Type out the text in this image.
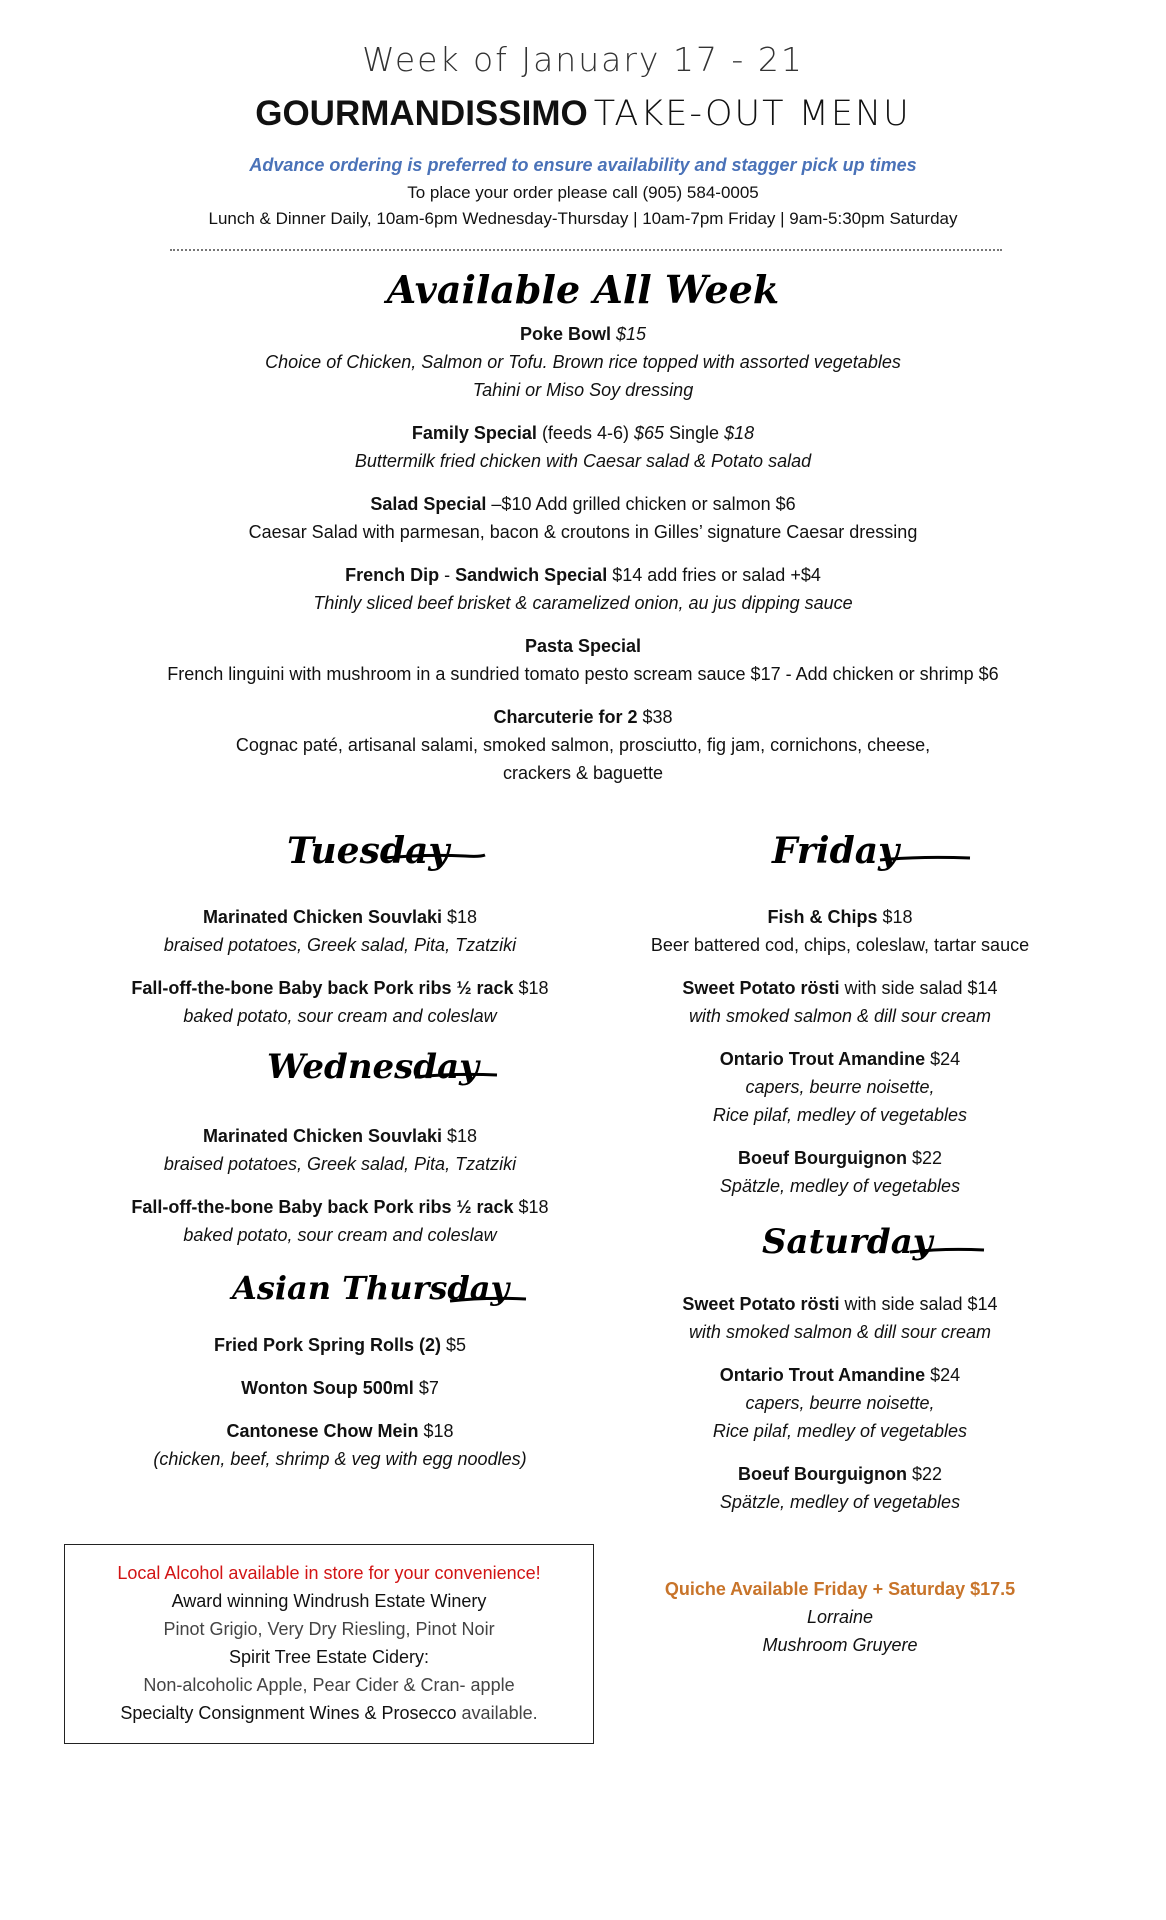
Week of January 17 - 21
GOURMANDISSIMO TAKE-OUT MENU
Advance ordering is preferred to ensure availability and stagger pick up times
To place your order please call (905) 584-0005
Lunch & Dinner Daily, 10am-6pm Wednesday-Thursday | 10am-7pm Friday | 9am-5:30pm Saturday
Available All Week
Poke Bowl $15
Choice of Chicken, Salmon or Tofu. Brown rice topped with assorted vegetables
Tahini or Miso Soy dressing
Family Special (feeds 4-6) $65 Single $18
Buttermilk fried chicken with Caesar salad & Potato salad
Salad Special –$10 Add grilled chicken or salmon $6
Caesar Salad with parmesan, bacon & croutons in Gilles’ signature Caesar dressing
French Dip - Sandwich Special $14 add fries or salad +$4
Thinly sliced beef brisket & caramelized onion, au jus dipping sauce
Pasta Special
French linguini with mushroom in a sundried tomato pesto scream sauce $17 - Add chicken or shrimp $6
Charcuterie for 2 $38
Cognac paté, artisanal salami, smoked salmon, prosciutto, fig jam, cornichons, cheese,
crackers & baguette
Tuesday
Marinated Chicken Souvlaki $18
braised potatoes, Greek salad, Pita, Tzatziki
Fall-off-the-bone Baby back Pork ribs ½ rack $18
baked potato, sour cream and coleslaw
Wednesday
Marinated Chicken Souvlaki $18
braised potatoes, Greek salad, Pita, Tzatziki
Fall-off-the-bone Baby back Pork ribs ½ rack $18
baked potato, sour cream and coleslaw
Asian Thursday
Fried Pork Spring Rolls (2) $5
Wonton Soup 500ml $7
Cantonese Chow Mein $18
(chicken, beef, shrimp & veg with egg noodles)
Friday
Fish & Chips $18
Beer battered cod, chips, coleslaw, tartar sauce
Sweet Potato rösti with side salad $14
with smoked salmon & dill sour cream
Ontario Trout Amandine $24
capers, beurre noisette,
Rice pilaf, medley of vegetables
Boeuf Bourguignon $22
Spätzle, medley of vegetables
Saturday
Sweet Potato rösti with side salad $14
with smoked salmon & dill sour cream
Ontario Trout Amandine $24
capers, beurre noisette,
Rice pilaf, medley of vegetables
Boeuf Bourguignon $22
Spätzle, medley of vegetables
Local Alcohol available in store for your convenience!
Award winning Windrush Estate Winery
Pinot Grigio, Very Dry Riesling, Pinot Noir
Spirit Tree Estate Cidery:
Non-alcoholic Apple, Pear Cider & Cran- apple
Specialty Consignment Wines & Prosecco available.
Quiche Available Friday + Saturday $17.5
Lorraine
Mushroom Gruyere
